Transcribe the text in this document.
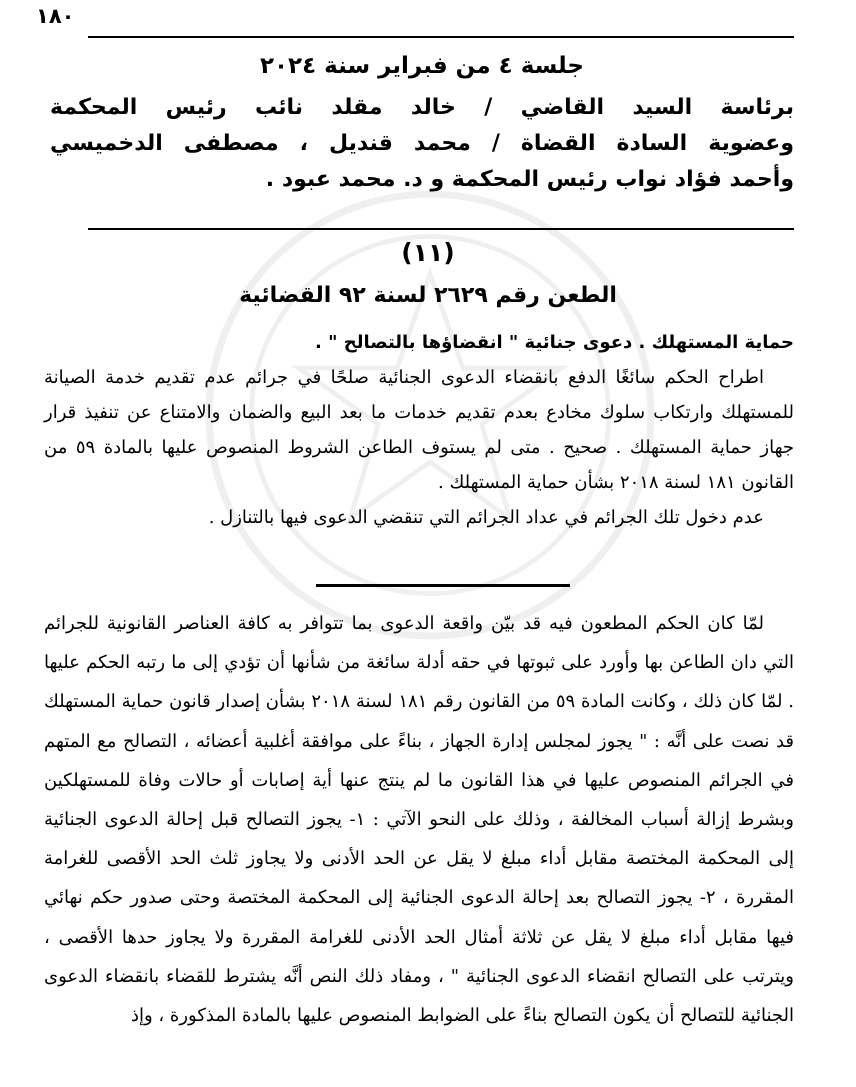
١٨٠
جلسة ٤ من فبراير سنة ٢٠٢٤
برئاسة السيد القاضي / خالد مقلد نائب رئيس المحكمة
وعضوية السادة القضاة / محمد قنديل ، مصطفى الدخميسي
وأحمد فؤاد نواب رئيس المحكمة و د. محمد عبود .
(١١)
الطعن رقم ٢٦٢٩ لسنة ٩٢ القضائية

حماية المستهلك . دعوى جنائية " انقضاؤها بالتصالح " .

اطراح الحكم سائغًا الدفع بانقضاء الدعوى الجنائية صلحًا في جرائم عدم تقديم خدمة الصيانة للمستهلك وارتكاب سلوك مخادع بعدم تقديم خدمات ما بعد البيع والضمان والامتناع عن تنفيذ قرار جهاز حماية المستهلك . صحيح . متى لم يستوف الطاعن الشروط المنصوص عليها بالمادة ٥٩ من القانون ١٨١ لسنة ٢٠١٨ بشأن حماية المستهلك .

عدم دخول تلك الجرائم في عداد الجرائم التي تنقضي الدعوى فيها بالتنازل .

لمّا كان الحكم المطعون فيه قد بيّن واقعة الدعوى بما تتوافر به كافة العناصر القانونية للجرائم التي دان الطاعن بها وأورد على ثبوتها في حقه أدلة سائغة من شأنها أن تؤدي إلى ما رتبه الحكم عليها . لمّا كان ذلك ، وكانت المادة ٥٩ من القانون رقم ١٨١ لسنة ٢٠١٨ بشأن إصدار قانون حماية المستهلك قد نصت على أنَّه : " يجوز لمجلس إدارة الجهاز ، بناءً على موافقة أغلبية أعضائه ، التصالح مع المتهم في الجرائم المنصوص عليها في هذا القانون ما لم ينتج عنها أية إصابات أو حالات وفاة للمستهلكين وبشرط إزالة أسباب المخالفة ، وذلك على النحو الآتي : ١- يجوز التصالح قبل إحالة الدعوى الجنائية إلى المحكمة المختصة مقابل أداء مبلغ لا يقل عن الحد الأدنى ولا يجاوز ثلث الحد الأقصى للغرامة المقررة ، ٢- يجوز التصالح بعد إحالة الدعوى الجنائية إلى المحكمة المختصة وحتى صدور حكم نهائي فيها مقابل أداء مبلغ لا يقل عن ثلاثة أمثال الحد الأدنى للغرامة المقررة ولا يجاوز حدها الأقصى ، ويترتب على التصالح انقضاء الدعوى الجنائية " ، ومفاد ذلك النص أنَّه يشترط للقضاء بانقضاء الدعوى الجنائية للتصالح أن يكون التصالح بناءً على الضوابط المنصوص عليها بالمادة المذكورة ، وإذ
